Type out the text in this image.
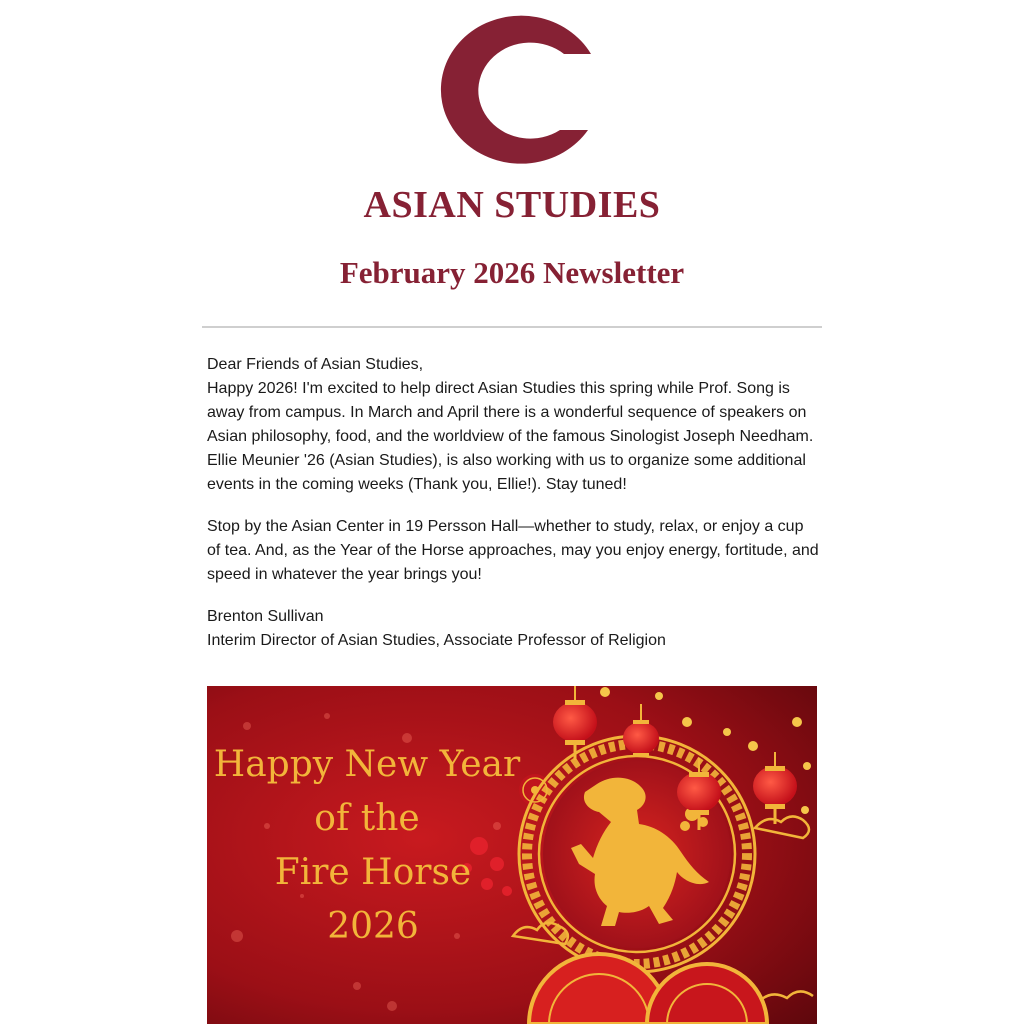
ASIAN STUDIES
February 2026 Newsletter

Dear Friends of Asian Studies,
Happy 2026! I'm excited to help direct Asian Studies this spring while Prof. Song is away from campus. In March and April there is a wonderful sequence of speakers on Asian philosophy, food, and the worldview of the famous Sinologist Joseph Needham. Ellie Meunier '26 (Asian Studies), is also working with us to organize some additional events in the coming weeks (Thank you, Ellie!). Stay tuned!

Stop by the Asian Center in 19 Persson Hall—whether to study, relax, or enjoy a cup of tea. And, as the Year of the Horse approaches, may you enjoy energy, fortitude, and speed in whatever the year brings you!

Brenton Sullivan
Interim Director of Asian Studies, Associate Professor of Religion

Happy New Year
of the
Fire Horse
2026
